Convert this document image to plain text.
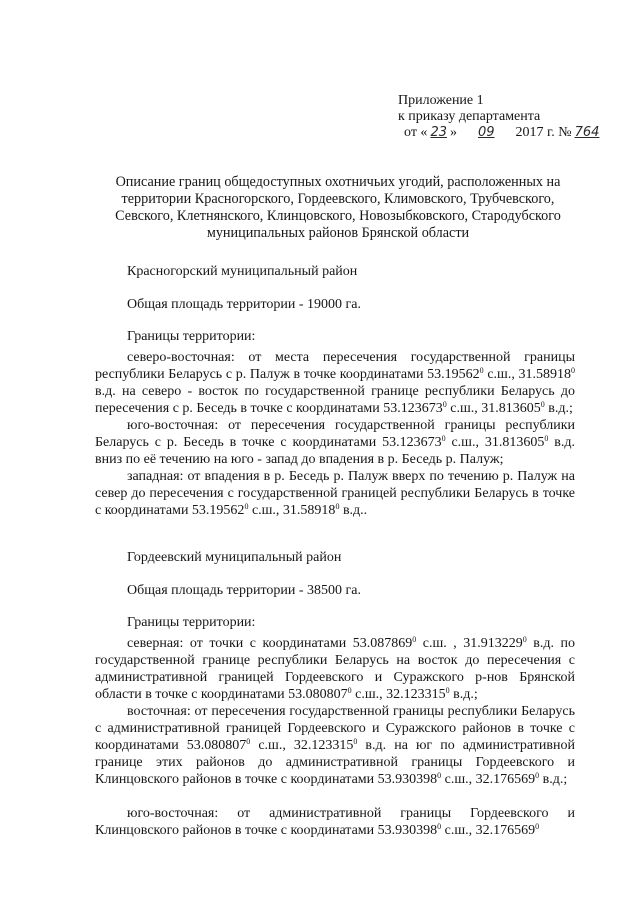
Приложение 1
к приказу департамента
от « 23 » 09 2017 г. № 764
Описание границ общедоступных охотничьих угодий, расположенных на территории Красногорского, Гордеевского, Климовского, Трубчевского, Севского, Клетнянского, Клинцовского, Новозыбковского, Стародубского муниципальных районов Брянской области
Красногорский муниципальный район
Общая площадь территории - 19000 га.
Границы территории:
северо-восточная: от места пересечения государственной границы республики Беларусь с р. Палуж в точке координатами 53.19562$^0$ с.ш., 31.58918$^0$ в.д. на северо - восток по государственной границе республики Беларусь до пересечения с р. Беседь в точке с координатами 53.123673$^0$ с.ш., 31.813605$^0$ в.д.;
юго-восточная: от пересечения государственной границы республики Беларусь с р. Беседь в точке с координатами 53.123673$^0$ с.ш., 31.813605$^0$ в.д. вниз по её течению на юго - запад до впадения в р. Беседь р. Палуж;
западная: от впадения в р. Беседь р. Палуж вверх по течению р. Палуж на север до пересечения с государственной границей республики Беларусь в точке с координатами 53.19562$^0$ с.ш., 31.58918$^0$ в.д..
Гордеевский муниципальный район
Общая площадь территории - 38500 га.
Границы территории:
северная: от точки с координатами 53.087869$^0$ с.ш. , 31.913229$^0$ в.д. по государственной границе республики Беларусь на восток до пересечения с административной границей Гордеевского и Суражского р-нов Брянской области в точке с координатами 53.080807$^0$ с.ш., 32.123315$^0$ в.д.;
восточная: от пересечения государственной границы республики Беларусь с административной границей Гордеевского и Суражского районов в точке с координатами 53.080807$^0$ с.ш., 32.123315$^0$ в.д. на юг по административной границе этих районов до административной границы Гордеевского и Клинцовского районов в точке с координатами 53.930398$^0$ с.ш., 32.176569$^0$ в.д.;
юго-восточная: от административной границы Гордеевского и Клинцовского районов в точке с координатами 53.930398$^0$ с.ш., 32.176569$^0$
